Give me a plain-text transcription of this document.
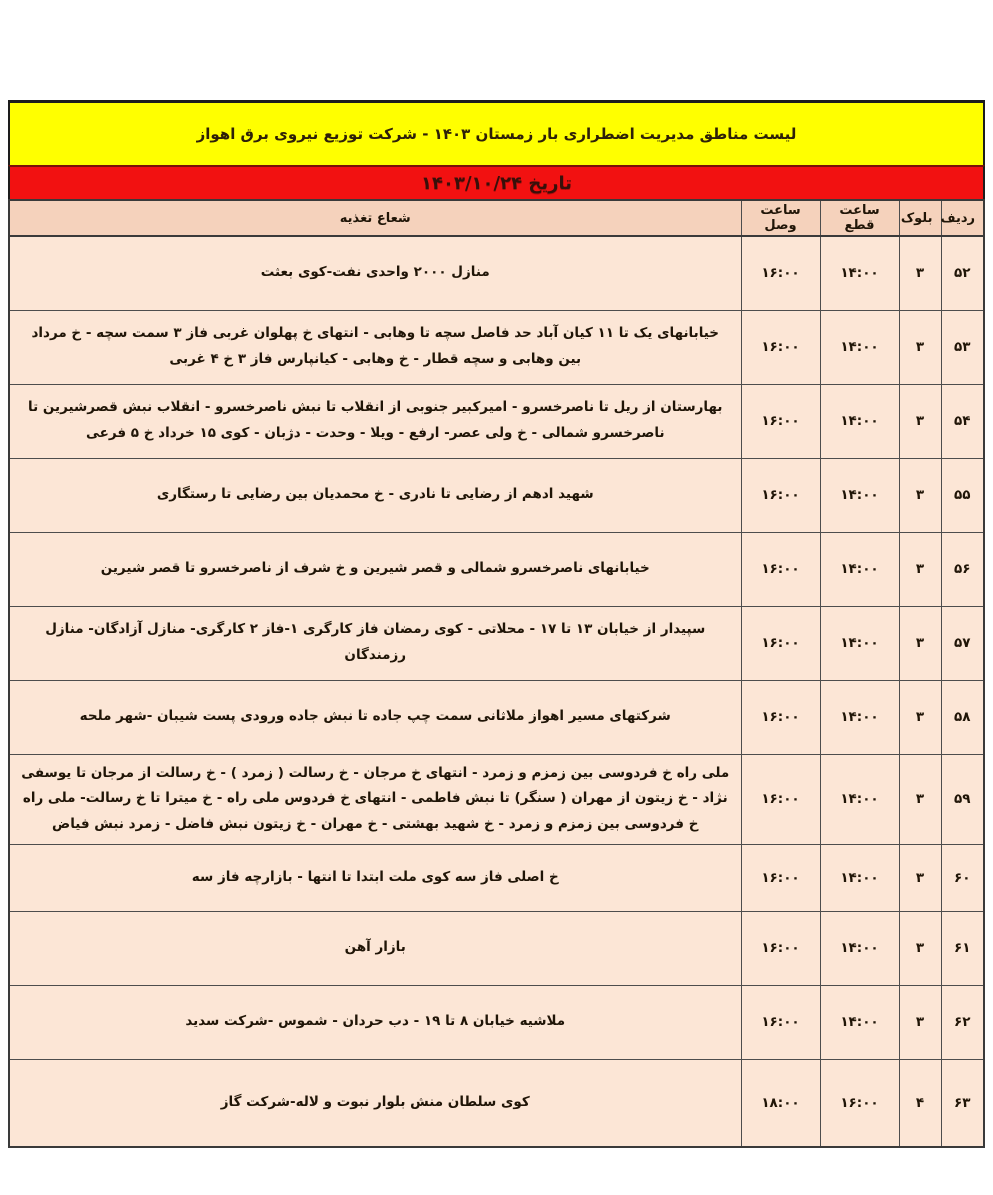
لیست مناطق مدیریت اضطراری بار زمستان ۱۴۰۳ - شرکت توزیع نیروی برق اهواز
تاریخ ۱۴۰۳/۱۰/۲۴
ردیف	بلوک	ساعت قطع	ساعت وصل	شعاع تغذیه
۵۲	۳	۱۴:۰۰	۱۶:۰۰	منازل ۲۰۰۰ واحدی نفت-کوی بعثت
۵۳	۳	۱۴:۰۰	۱۶:۰۰	خیابانهای یک تا ۱۱ کیان آباد حد فاصل سچه تا وهابی - انتهای خ پهلوان غربی فاز ۳ سمت سچه - خ مرداد بین وهابی و سچه قطار - خ وهابی - کیانپارس فاز ۳ خ ۴ غربی
۵۴	۳	۱۴:۰۰	۱۶:۰۰	بهارستان از ریل تا ناصرخسرو - امیرکبیر جنوبی از انقلاب تا نبش ناصرخسرو - انقلاب نبش قصرشیرین تا ناصرخسرو شمالی - خ ولی عصر- ارفع - ویلا - وحدت - دژبان - کوی ۱۵ خرداد خ ۵ فرعی
۵۵	۳	۱۴:۰۰	۱۶:۰۰	شهید ادهم از رضایی تا نادری - خ محمدیان بین رضایی تا رستگاری
۵۶	۳	۱۴:۰۰	۱۶:۰۰	خیابانهای ناصرخسرو شمالی و قصر شیرین و خ شرف از ناصرخسرو تا قصر شیرین
۵۷	۳	۱۴:۰۰	۱۶:۰۰	سپیدار از خیابان ۱۳ تا ۱۷ - محلاتی - کوی رمضان فاز کارگری ۱-فاز ۲ کارگری- منازل آزادگان- منازل رزمندگان
۵۸	۳	۱۴:۰۰	۱۶:۰۰	شرکتهای مسیر اهواز ملاثانی سمت چپ جاده تا نبش جاده ورودی پست شیبان -شهر ملحه
۵۹	۳	۱۴:۰۰	۱۶:۰۰	ملی راه خ فردوسی بین زمزم و زمرد - انتهای خ مرجان - خ رسالت ( زمرد ) - خ رسالت از مرجان تا یوسفی نژاد - خ زیتون از مهران ( سنگر) تا نبش فاطمی - انتهای خ فردوس ملی راه - خ میترا تا خ رسالت- ملی راه خ فردوسی بین زمزم و زمرد - خ شهید بهشتی - خ مهران - خ زیتون نبش فاضل - زمرد نبش فیاض
۶۰	۳	۱۴:۰۰	۱۶:۰۰	خ اصلی فاز سه کوی ملت ابتدا تا انتها - بازارچه فاز سه
۶۱	۳	۱۴:۰۰	۱۶:۰۰	بازار آهن
۶۲	۳	۱۴:۰۰	۱۶:۰۰	ملاشیه خیابان ۸ تا ۱۹ - دب حردان - شموس -شرکت سدید
۶۳	۴	۱۶:۰۰	۱۸:۰۰	کوی سلطان منش بلوار نبوت و لاله-شرکت گاز
